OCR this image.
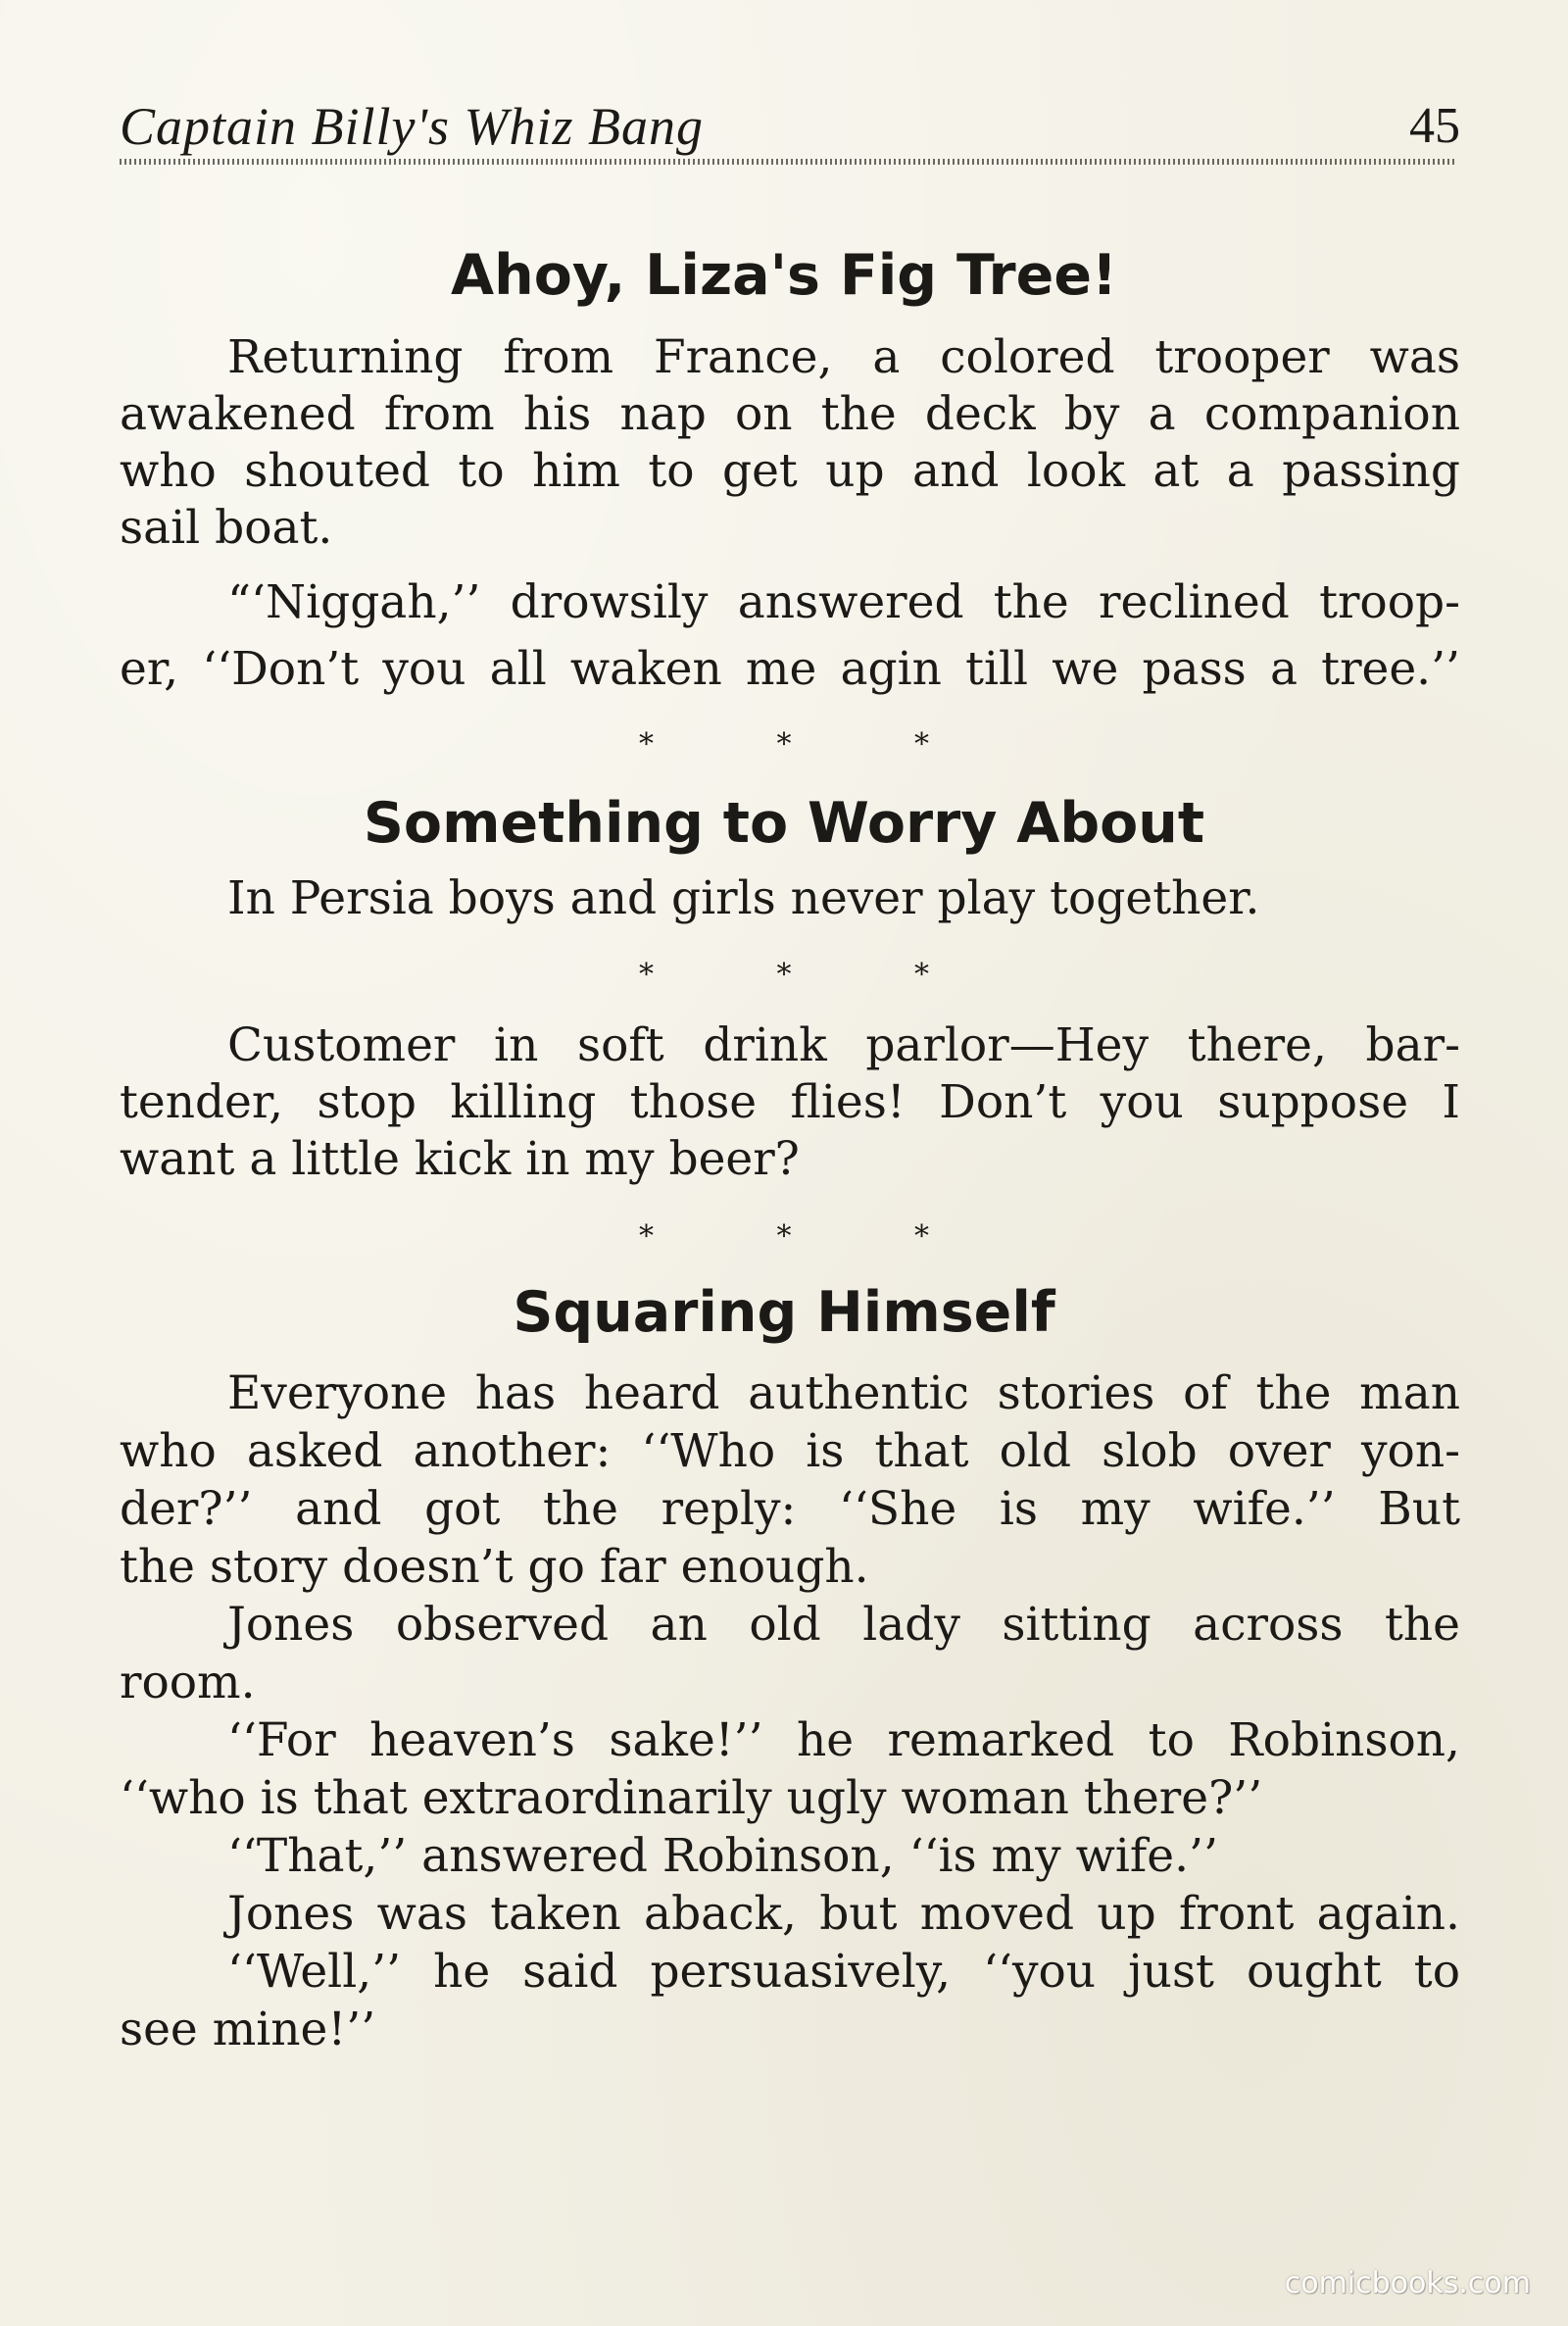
Captain Billy's Whiz Bang	45
Ahoy, Liza's Fig Tree!
Returning from France, a colored trooper was
awakened from his nap on the deck by a companion
who shouted to him to get up and look at a passing
sail boat.
“‘Niggah,’’ drowsily answered the reclined troop-
er, ‘‘Don’t you all waken me agin till we pass a tree.’’
* * *
Something to Worry About
In Persia boys and girls never play together.
* * *
Customer in soft drink parlor—Hey there, bar-
tender, stop killing those flies! Don’t you suppose I
want a little kick in my beer?
* * *
Squaring Himself
Everyone has heard authentic stories of the man
who asked another: ‘‘Who is that old slob over yon-
der?’’ and got the reply: ‘‘She is my wife.’’ But
the story doesn’t go far enough.
Jones observed an old lady sitting across the
room.
‘‘For heaven’s sake!’’ he remarked to Robinson,
‘‘who is that extraordinarily ugly woman there?’’
‘‘That,’’ answered Robinson, ‘‘is my wife.’’
Jones was taken aback, but moved up front again.
‘‘Well,’’ he said persuasively, ‘‘you just ought to
see mine!’’
comicbooks.com
